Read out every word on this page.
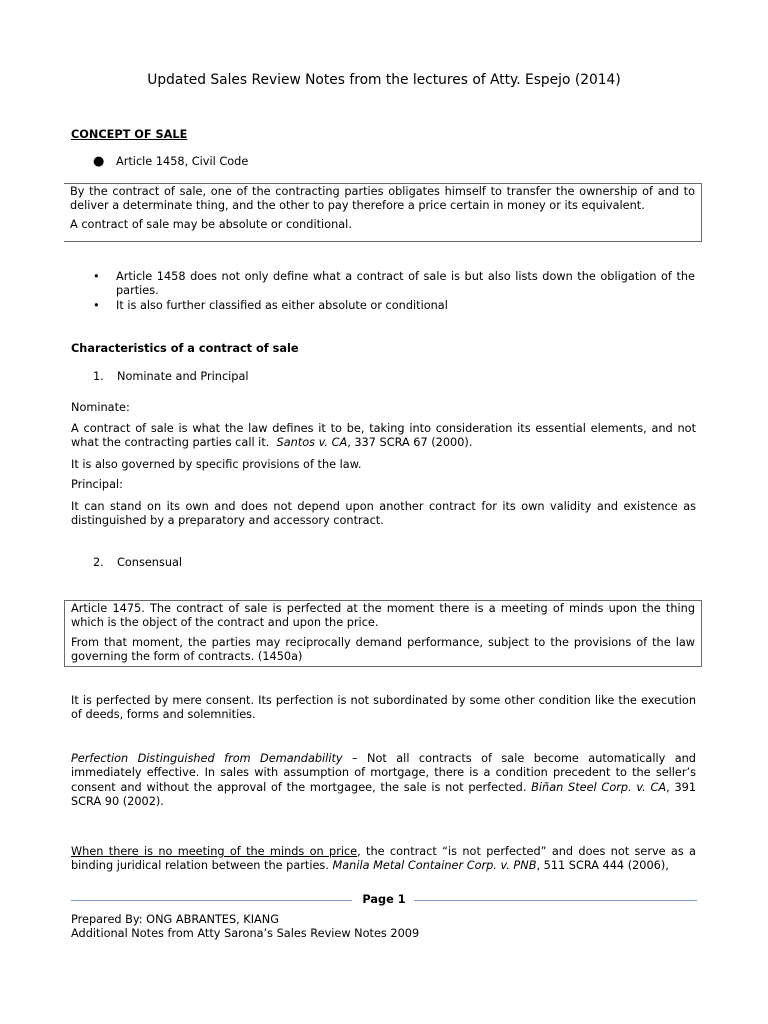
Updated Sales Review Notes from the lectures of Atty. Espejo (2014)
CONCEPT OF SALE
●	Article 1458, Civil Code

By the contract of sale, one of the contracting parties obligates himself to transfer the ownership of and to deliver a determinate thing, and the other to pay therefore a price certain in money or its equivalent.

A contract of sale may be absolute or conditional.

•	Article 1458 does not only define what a contract of sale is but also lists down the obligation of the parties.
•	It is also further classified as either absolute or conditional
Characteristics of a contract of sale
1.	Nominate and Principal
Nominate:

A contract of sale is what the law defines it to be, taking into consideration its essential elements, and not what the contracting parties call it. Santos v. CA, 337 SCRA 67 (2000).

It is also governed by specific provisions of the law.
Principal:

It can stand on its own and does not depend upon another contract for its own validity and existence as distinguished by a preparatory and accessory contract.

2.	Consensual

Article 1475. The contract of sale is perfected at the moment there is a meeting of minds upon the thing which is the object of the contract and upon the price.

From that moment, the parties may reciprocally demand performance, subject to the provisions of the law governing the form of contracts. (1450a)

It is perfected by mere consent. Its perfection is not subordinated by some other condition like the execution of deeds, forms and solemnities.

Perfection Distinguished from Demandability – Not all contracts of sale become automatically and immediately effective. In sales with assumption of mortgage, there is a condition precedent to the seller’s consent and without the approval of the mortgagee, the sale is not perfected. Biñan Steel Corp. v. CA, 391 SCRA 90 (2002).

When there is no meeting of the minds on price, the contract “is not perfected” and does not serve as a binding juridical relation between the parties. Manila Metal Container Corp. v. PNB, 511 SCRA 444 (2006),

Page 1
Prepared By: ONG ABRANTES, KIANG
Additional Notes from Atty Sarona’s Sales Review Notes 2009
